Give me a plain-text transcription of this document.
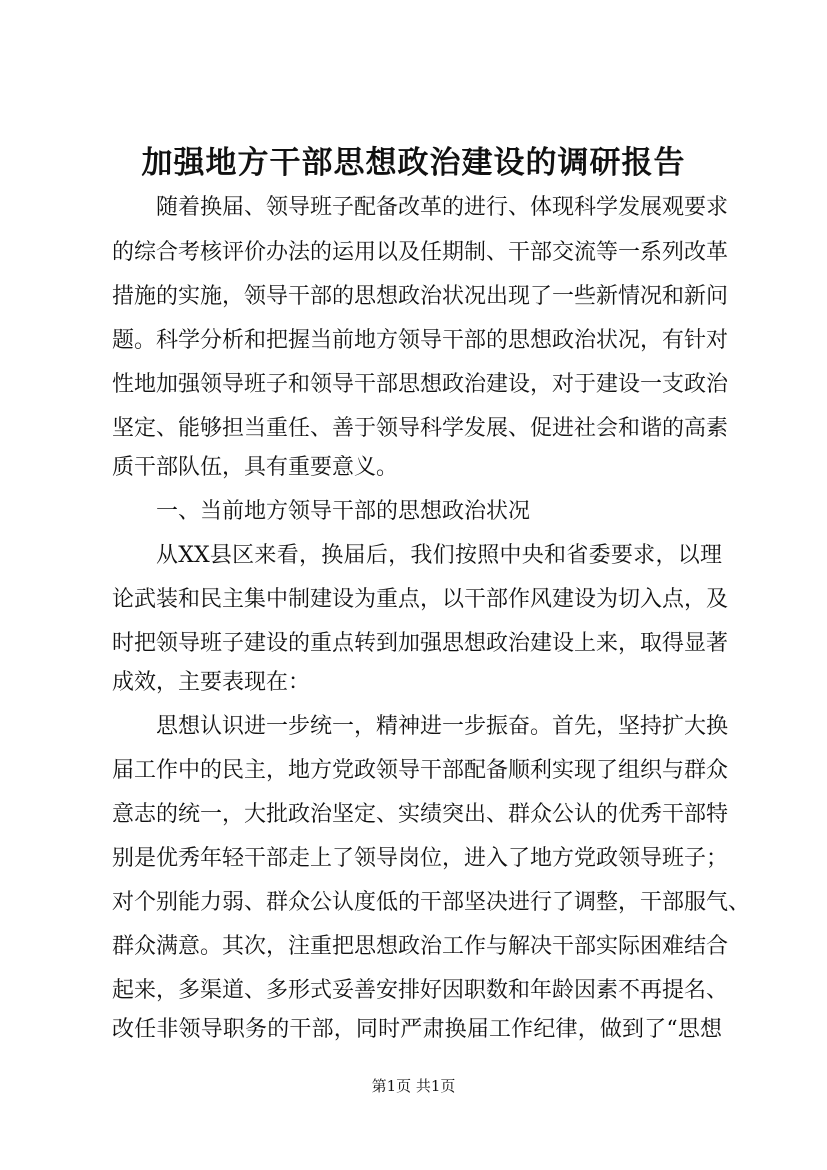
加强地方干部思想政治建设的调研报告
随着换届、领导班子配备改革的进行、体现科学发展观要求
的综合考核评价办法的运用以及任期制、干部交流等一系列改革
措施的实施，领导干部的思想政治状况出现了一些新情况和新问
题。科学分析和把握当前地方领导干部的思想政治状况，有针对
性地加强领导班子和领导干部思想政治建设，对于建设一支政治
坚定、能够担当重任、善于领导科学发展、促进社会和谐的高素
质干部队伍，具有重要意义。
一、当前地方领导干部的思想政治状况
从XX县区来看，换届后，我们按照中央和省委要求，以理
论武装和民主集中制建设为重点，以干部作风建设为切入点，及
时把领导班子建设的重点转到加强思想政治建设上来，取得显著
成效，主要表现在：
思想认识进一步统一，精神进一步振奋。首先，坚持扩大换
届工作中的民主，地方党政领导干部配备顺利实现了组织与群众
意志的统一，大批政治坚定、实绩突出、群众公认的优秀干部特
别是优秀年轻干部走上了领导岗位，进入了地方党政领导班子；
对个别能力弱、群众公认度低的干部坚决进行了调整，干部服气、
群众满意。其次，注重把思想政治工作与解决干部实际困难结合
起来，多渠道、多形式妥善安排好因职数和年龄因素不再提名、
改任非领导职务的干部，同时严肃换届工作纪律，做到了“思想
第1页 共1页
